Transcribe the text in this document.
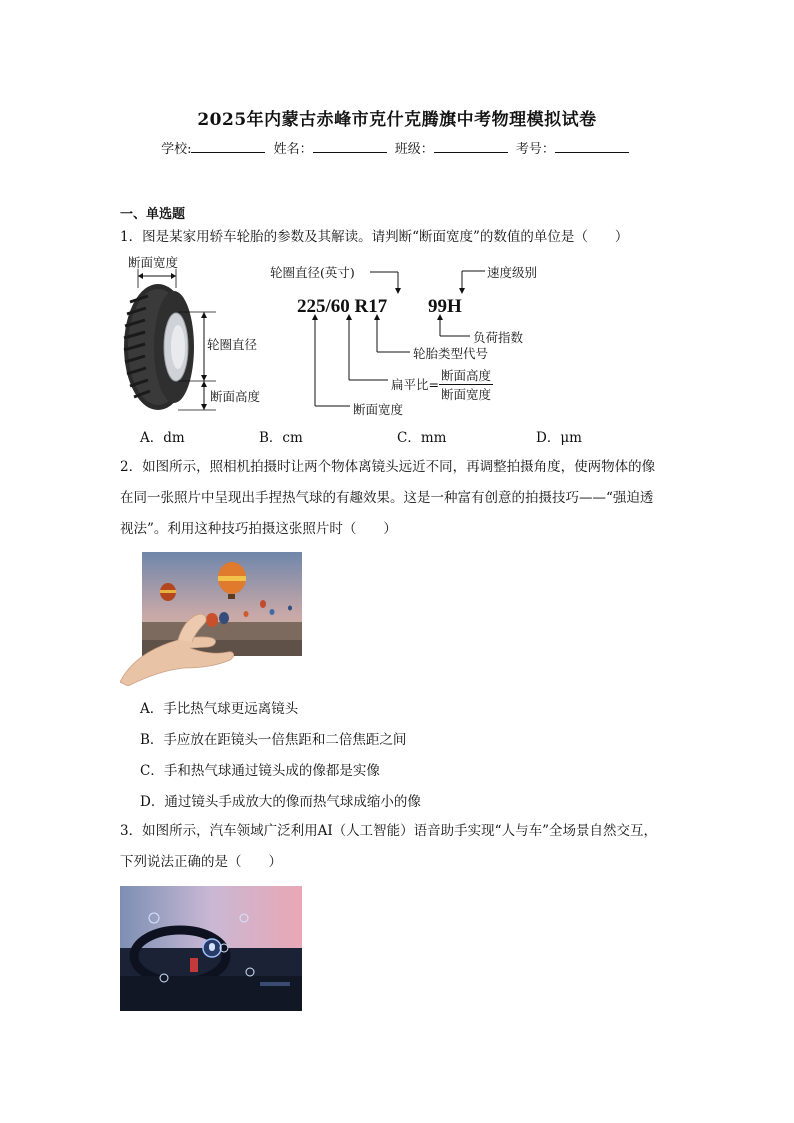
2025年内蒙古赤峰市克什克腾旗中考物理模拟试卷
学校:	姓名：	班级：	考号：
一、单选题
1．图是某家用轿车轮胎的参数及其解读。请判断“断面宽度”的数值的单位是（　　）
断面宽度
轮圈直径
断面高度
轮圈直径(英寸)	速度级别
225/60 R17 99H
负荷指数
轮胎类型代号
扁平比= $\frac{\text{断面高度}}{\text{断面宽度}}$
断面宽度
A．dm	B．cm	C．mm	D．μm
2．如图所示，照相机拍摄时让两个物体离镜头远近不同，再调整拍摄角度，使两物体的像
在同一张照片中呈现出手捏热气球的有趣效果。这是一种富有创意的拍摄技巧——“强迫透
视法”。利用这种技巧拍摄这张照片时（　　）
A．手比热气球更远离镜头
B．手应放在距镜头一倍焦距和二倍焦距之间
C．手和热气球通过镜头成的像都是实像
D．通过镜头手成放大的像而热气球成缩小的像
3．如图所示，汽车领域广泛利用AI（人工智能）语音助手实现“人与车”全场景自然交互，
下列说法正确的是（　　）
